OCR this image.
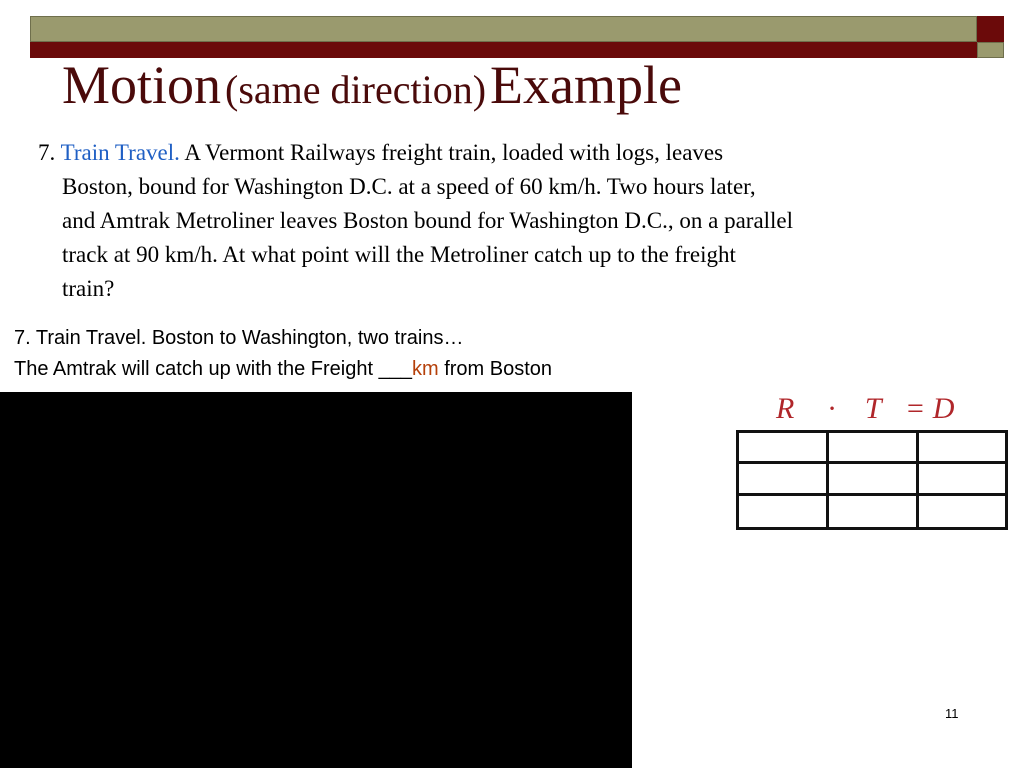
Motion (same direction) Example
7. Train Travel. A Vermont Railways freight train, loaded with logs, leaves
Boston, bound for Washington D.C. at a speed of 60 km/h. Two hours later,
and Amtrak Metroliner leaves Boston bound for Washington D.C., on a parallel
track at 90 km/h. At what point will the Metroliner catch up to the freight
train?
7. Train Travel. Boston to Washington, two trains…
The Amtrak will catch up with the Freight ___km from Boston
R · T = D
11
